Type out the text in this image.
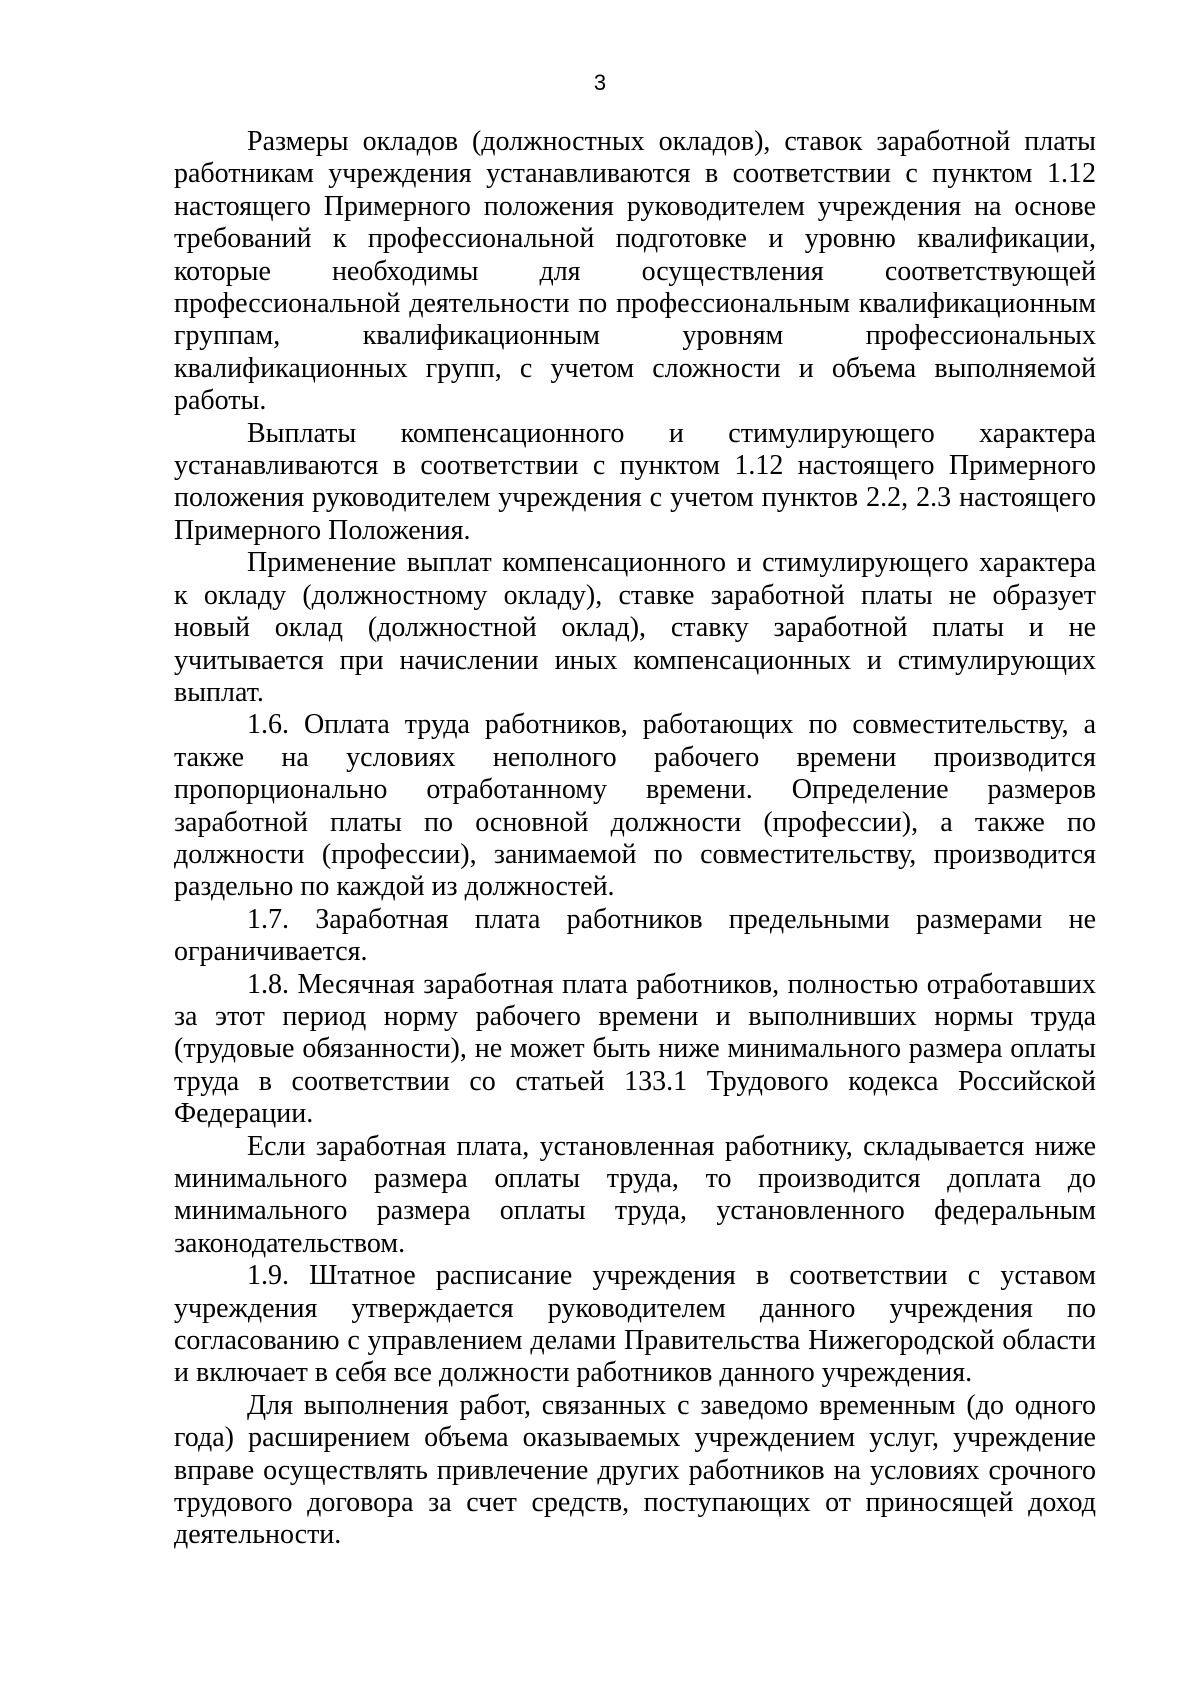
3

Размеры окладов (должностных окладов), ставок заработной платы работникам учреждения устанавливаются в соответствии с пунктом 1.12 настоящего Примерного положения руководителем учреждения на основе требований к профессиональной подготовке и уровню квалификации, которые необходимы для осуществления соответствующей профессиональной деятельности по профессиональным квалификационным группам, квалификационным уровням профессиональных квалификационных групп, с учетом сложности и объема выполняемой работы.

Выплаты компенсационного и стимулирующего характера устанавливаются в соответствии с пунктом 1.12 настоящего Примерного положения руководителем учреждения с учетом пунктов 2.2, 2.3 настоящего Примерного Положения.

Применение выплат компенсационного и стимулирующего характера к окладу (должностному окладу), ставке заработной платы не образует новый оклад (должностной оклад), ставку заработной платы и не учитывается при начислении иных компенсационных и стимулирующих выплат.

1.6. Оплата труда работников, работающих по совместительству, а также на условиях неполного рабочего времени производится пропорционально отработанному времени. Определение размеров заработной платы по основной должности (профессии), а также по должности (профессии), занимаемой по совместительству, производится раздельно по каждой из должностей.

1.7. Заработная плата работников предельными размерами не ограничивается.

1.8. Месячная заработная плата работников, полностью отработавших за этот период норму рабочего времени и выполнивших нормы труда (трудовые обязанности), не может быть ниже минимального размера оплаты труда в соответствии со статьей 133.1 Трудового кодекса Российской Федерации.

Если заработная плата, установленная работнику, складывается ниже минимального размера оплаты труда, то производится доплата до минимального размера оплаты труда, установленного федеральным законодательством.

1.9. Штатное расписание учреждения в соответствии с уставом учреждения утверждается руководителем данного учреждения по согласованию с управлением делами Правительства Нижегородской области и включает в себя все должности работников данного учреждения.

Для выполнения работ, связанных с заведомо временным (до одного года) расширением объема оказываемых учреждением услуг, учреждение вправе осуществлять привлечение других работников на условиях срочного трудового договора за счет средств, поступающих от приносящей доход деятельности.
